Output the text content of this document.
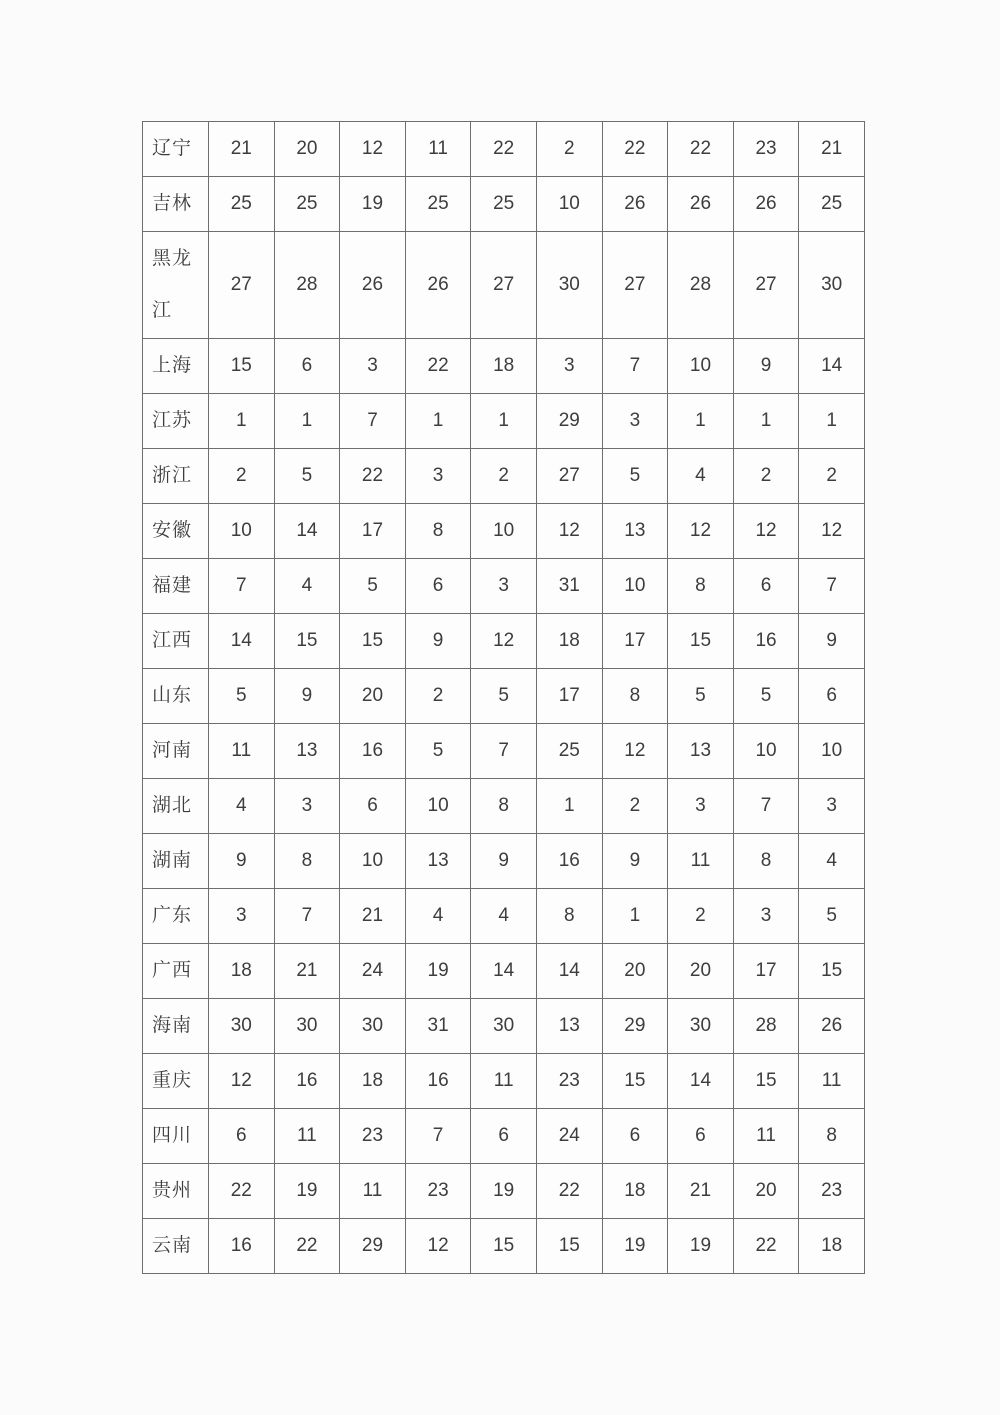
辽宁	21	20	12	11	22	2	22	22	23	21
吉林	25	25	19	25	25	10	26	26	26	25
黑龙江	27	28	26	26	27	30	27	28	27	30
上海	15	6	3	22	18	3	7	10	9	14
江苏	1	1	7	1	1	29	3	1	1	1
浙江	2	5	22	3	2	27	5	4	2	2
安徽	10	14	17	8	10	12	13	12	12	12
福建	7	4	5	6	3	31	10	8	6	7
江西	14	15	15	9	12	18	17	15	16	9
山东	5	9	20	2	5	17	8	5	5	6
河南	11	13	16	5	7	25	12	13	10	10
湖北	4	3	6	10	8	1	2	3	7	3
湖南	9	8	10	13	9	16	9	11	8	4
广东	3	7	21	4	4	8	1	2	3	5
广西	18	21	24	19	14	14	20	20	17	15
海南	30	30	30	31	30	13	29	30	28	26
重庆	12	16	18	16	11	23	15	14	15	11
四川	6	11	23	7	6	24	6	6	11	8
贵州	22	19	11	23	19	22	18	21	20	23
云南	16	22	29	12	15	15	19	19	22	18
